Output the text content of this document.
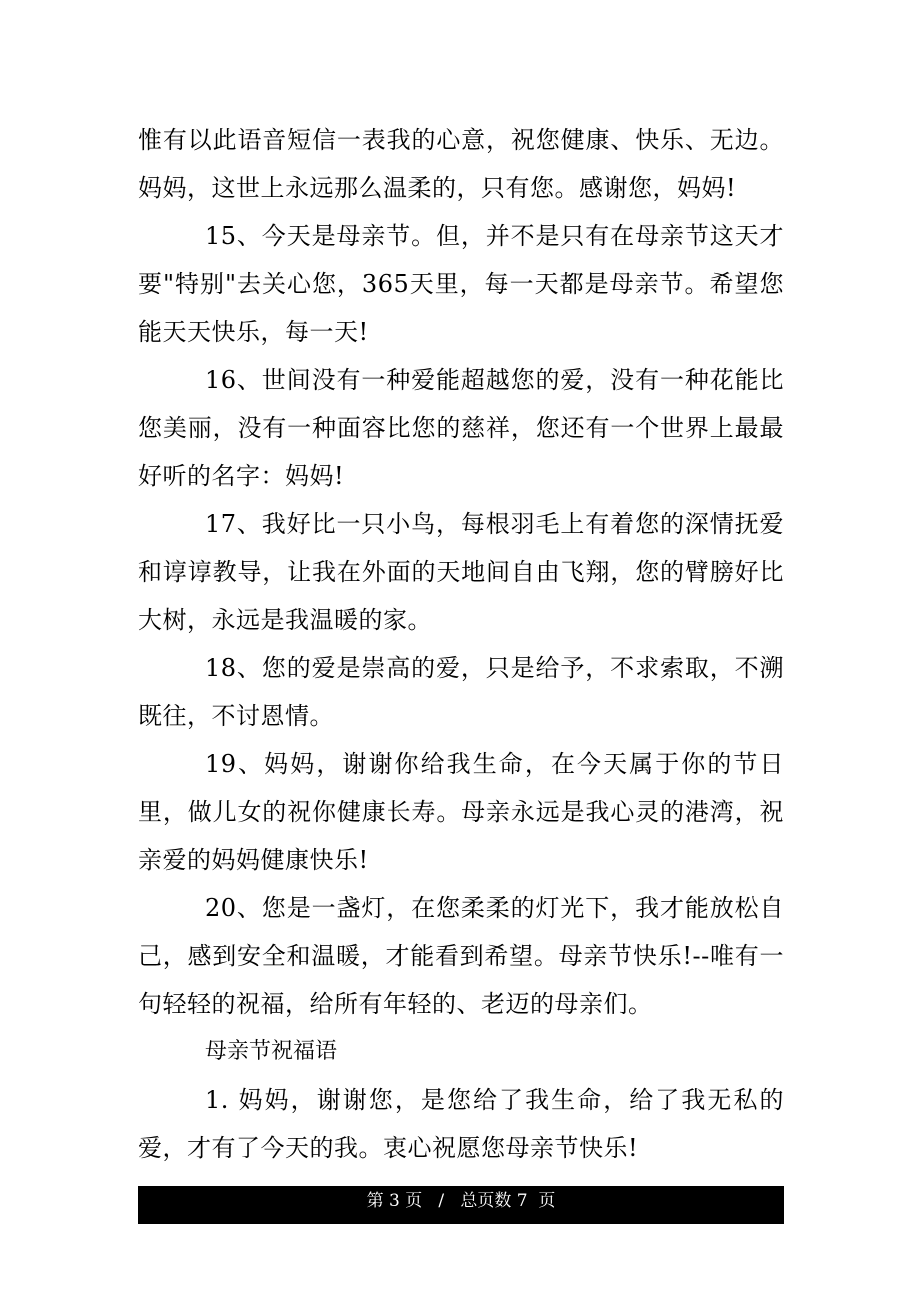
惟有以此语音短信一表我的心意，祝您健康、快乐、无边。妈妈，这世上永远那么温柔的，只有您。感谢您，妈妈!

15、今天是母亲节。但，并不是只有在母亲节这天才要"特别"去关心您，365天里，每一天都是母亲节。希望您能天天快乐，每一天!

16、世间没有一种爱能超越您的爱，没有一种花能比您美丽，没有一种面容比您的慈祥，您还有一个世界上最最好听的名字：妈妈!

17、我好比一只小鸟，每根羽毛上有着您的深情抚爱和谆谆教导，让我在外面的天地间自由飞翔，您的臂膀好比大树，永远是我温暖的家。

18、您的爱是崇高的爱，只是给予，不求索取，不溯既往，不讨恩情。

19、妈妈，谢谢你给我生命，在今天属于你的节日里，做儿女的祝你健康长寿。母亲永远是我心灵的港湾，祝亲爱的妈妈健康快乐!

20、您是一盏灯，在您柔柔的灯光下，我才能放松自己，感到安全和温暖，才能看到希望。母亲节快乐!--唯有一句轻轻的祝福，给所有年轻的、老迈的母亲们。

母亲节祝福语

1. 妈妈，谢谢您，是您给了我生命，给了我无私的爱，才有了今天的我。衷心祝愿您母亲节快乐!

第 3 页   /   总页数 7  页
